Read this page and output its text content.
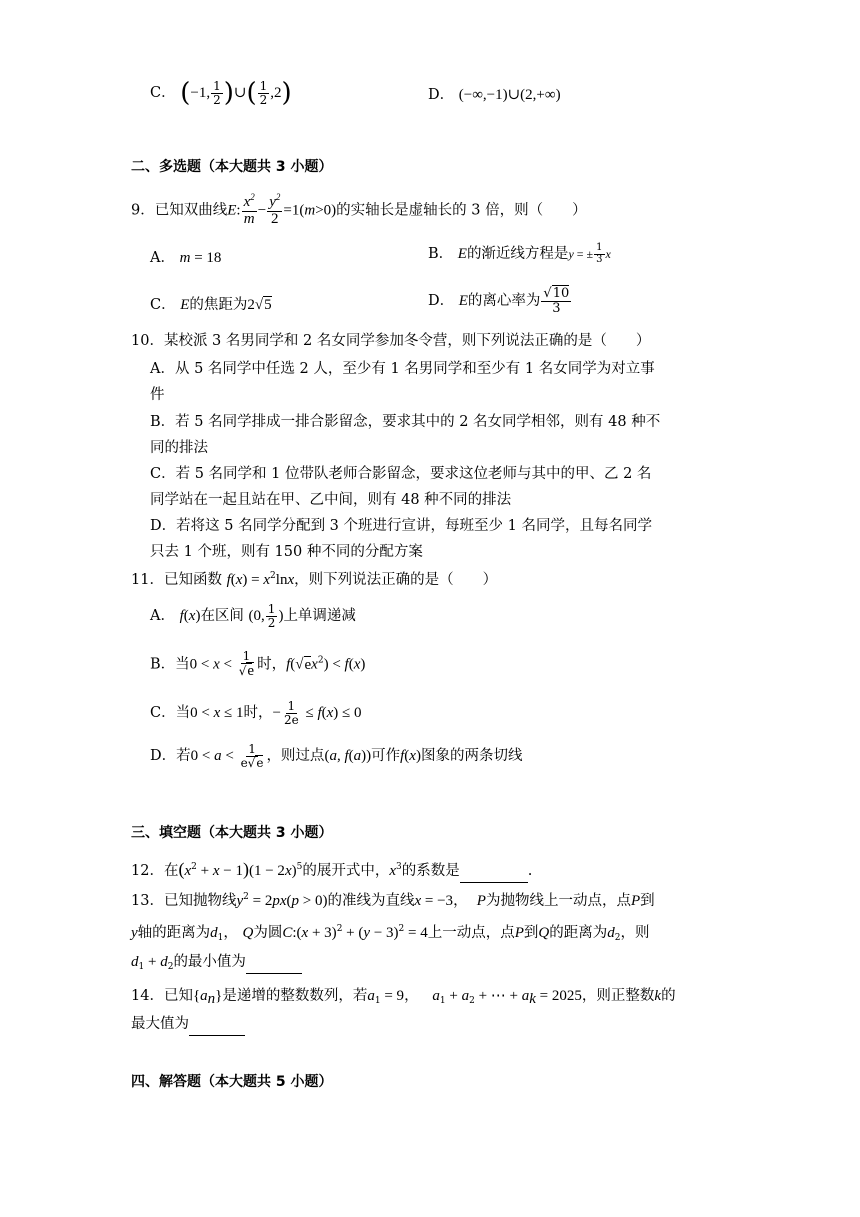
C． (−1, $\frac{1}{2}$ )∪( $\frac{1}{2} ,2$)	D． (−∞,−1)∪(2,+∞)
二、多选题（本大题共 3 小题）
9．已知双曲线E: $\frac{x^2}{m} - \frac{y^2}{2} =1(m>0)$的实轴长是虚轴长的 3 倍，则（　　）
A． m = 18	B． E的渐近线方程是y = ± $\frac{1}{3}$ x
C． E的焦距为2√5	D． E的离心率为 $\frac{√10}{3}$
10．某校派 3 名男同学和 2 名女同学参加冬令营，则下列说法正确的是（　　）
A．从 5 名同学中任选 2 人，至少有 1 名男同学和至少有 1 名女同学为对立事
件
B．若 5 名同学排成一排合影留念，要求其中的 2 名女同学相邻，则有 48 种不
同的排法
C．若 5 名同学和 1 位带队老师合影留念，要求这位老师与其中的甲、乙 2 名
同学站在一起且站在甲、乙中间，则有 48 种不同的排法
D．若将这 5 名同学分配到 3 个班进行宣讲，每班至少 1 名同学，且每名同学
只去 1 个班，则有 150 种不同的分配方案
11．已知函数 $f(x) = x^2\ln x$，则下列说法正确的是（　　）
A． f(x)在区间 (0, $\frac{1}{2}$ )上单调递减
B．当$0 < x < \frac{1}{√e}$ 时，$f(√ex^2) < f(x)$
C．当0 < x ≤ 1时，− $\frac{1}{2e} \le f(x) \le 0$
D．若$0 < a < \frac{1}{e√e}$ ，则过点(a, f(a))可作f(x)图象的两条切线
三、填空题（本大题共 3 小题）
12．在$(x^2 + x - 1)(1 - 2x)^5$的展开式中，$x^3$的系数是	.
13．已知抛物线$y^2 = 2px(p > 0)$的准线为直线x = −3， P为抛物线上一动点，点P到
y轴的距离为$d_1$， Q为圆C:(x + $3)^2 + (y - 3)^2 = 4$上一动点，点P到Q的距离为$d_2$，则
$d_1 + d_2$的最小值为
14．已知$\{a_n\}$是递增的整数数列，若$a_1 = 9$， $a_1 + a_2$ + ⋯ + $a_k = 2025$，则正整数k的
最大值为
四、解答题（本大题共 5 小题）
